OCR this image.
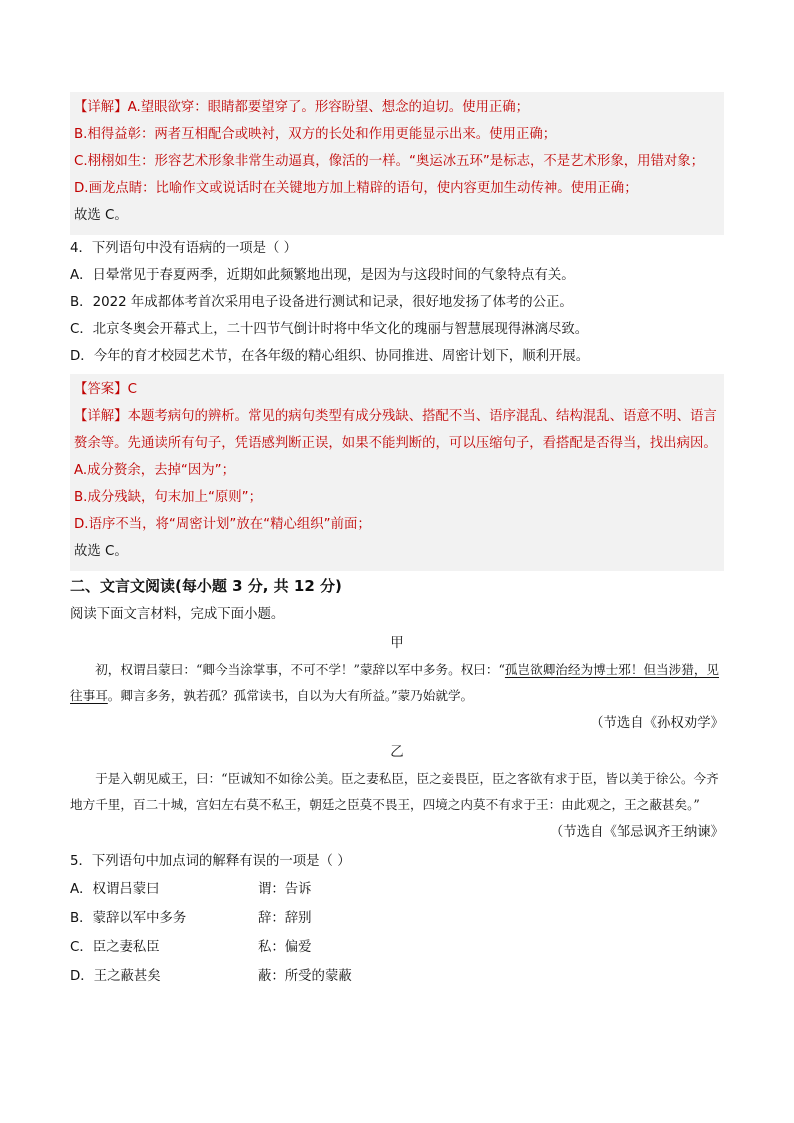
【详解】A.望眼欲穿：眼睛都要望穿了。形容盼望、想念的迫切。使用正确；
B.相得益彰：两者互相配合或映衬，双方的长处和作用更能显示出来。使用正确；
C.栩栩如生：形容艺术形象非常生动逼真，像活的一样。“奥运冰五环”是标志，不是艺术形象，用错对象；
D.画龙点睛：比喻作文或说话时在关键地方加上精辟的语句，使内容更加生动传神。使用正确；
故选 C。
4．下列语句中没有语病的一项是（ ）
A．日晕常见于春夏两季，近期如此频繁地出现，是因为与这段时间的气象特点有关。
B．2022 年成都体考首次采用电子设备进行测试和记录，很好地发扬了体考的公正。
C．北京冬奥会开幕式上，二十四节气倒计时将中华文化的瑰丽与智慧展现得淋漓尽致。
D．今年的育才校园艺术节，在各年级的精心组织、协同推进、周密计划下，顺利开展。
【答案】C
【详解】本题考病句的辨析。常见的病句类型有成分残缺、搭配不当、语序混乱、结构混乱、语意不明、语言赘余等。先通读所有句子，凭语感判断正误，如果不能判断的，可以压缩句子，看搭配是否得当，找出病因。
A.成分赘余，去掉“因为”；
B.成分残缺，句末加上“原则”；
D.语序不当，将“周密计划”放在“精心组织”前面；
故选 C。
二、文言文阅读(每小题 3 分, 共 12 分)
阅读下面文言材料，完成下面小题。
甲
初，权谓吕蒙曰：“卿今当涂掌事，不可不学！”蒙辞以军中多务。权曰：“孤岂欲卿治经为博士邪！但当涉猎，见往事耳。卿言多务，孰若孤？孤常读书，自以为大有所益。”蒙乃始就学。
（节选自《孙权劝学》
乙
于是入朝见威王，曰：“臣诚知不如徐公美。臣之妻私臣，臣之妾畏臣，臣之客欲有求于臣，皆以美于徐公。今齐地方千里，百二十城，宫妇左右莫不私王，朝廷之臣莫不畏王，四境之内莫不有求于王：由此观之，王之蔽甚矣。”
（节选自《邹忌讽齐王纳谏》
5．下列语句中加点词的解释有误的一项是（ ）
A．权谓吕蒙曰	谓：告诉
B．蒙辞以军中多务	辞：辞别
C．臣之妻私臣	私：偏爱
D．王之蔽甚矣	蔽：所受的蒙蔽
